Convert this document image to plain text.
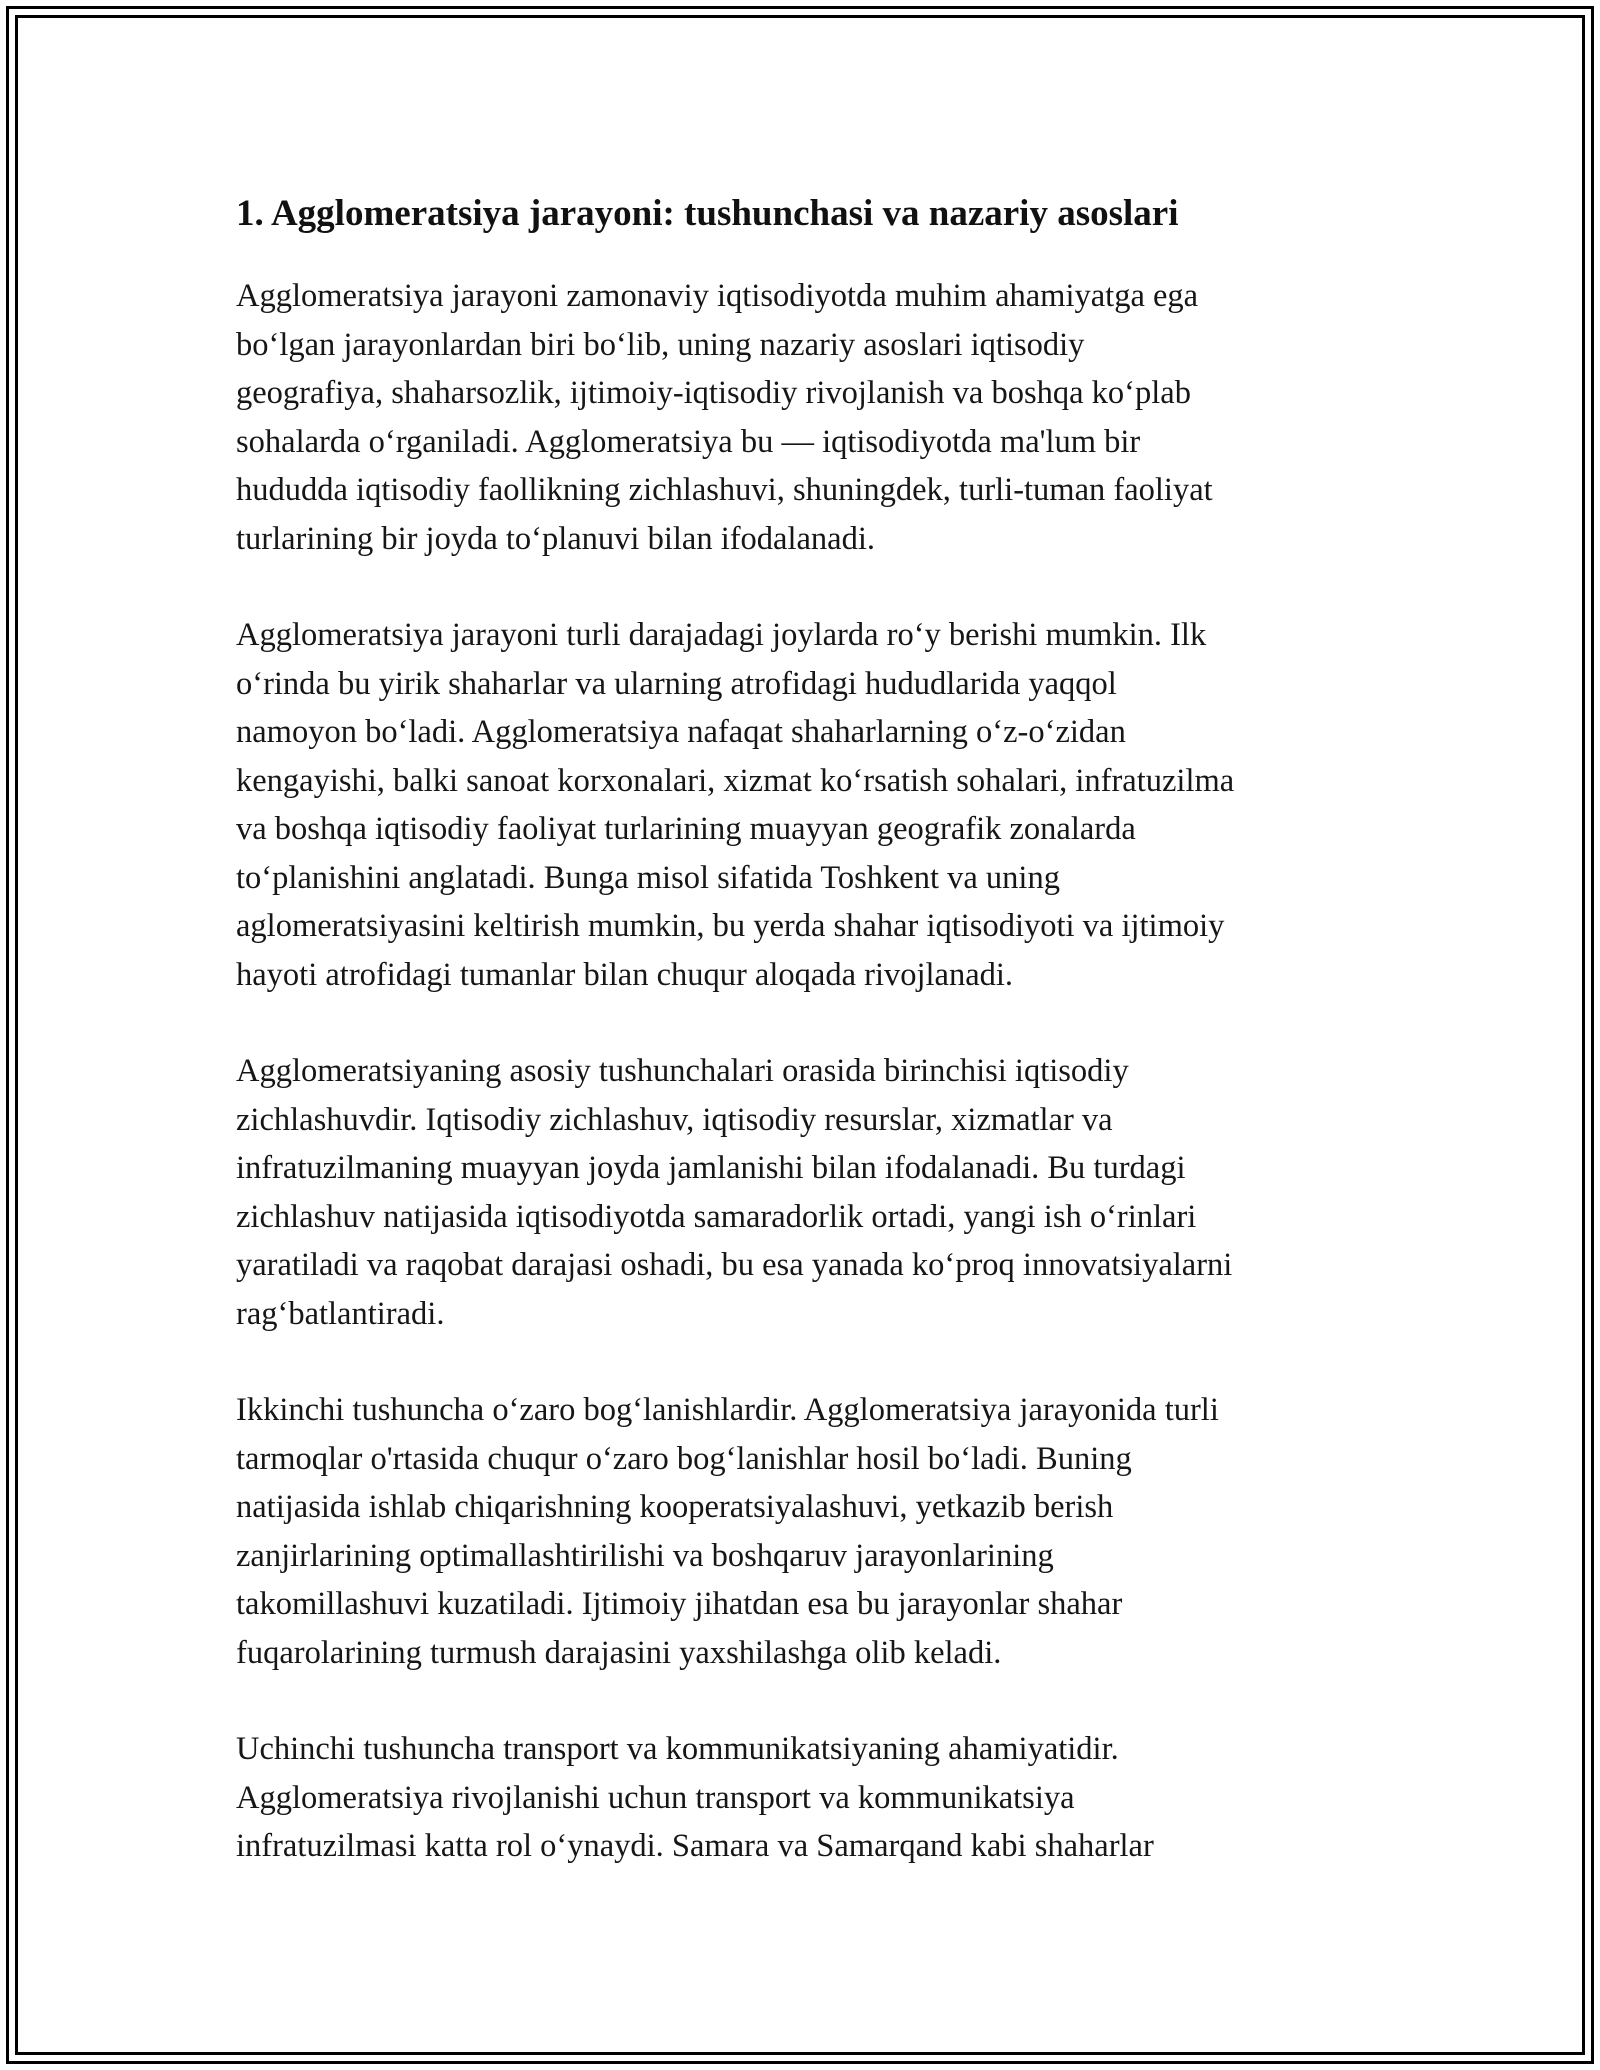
1. Agglomeratsiya jarayoni: tushunchasi va nazariy asoslari

Agglomeratsiya jarayoni zamonaviy iqtisodiyotda muhim ahamiyatga ega
bo‘lgan jarayonlardan biri bo‘lib, uning nazariy asoslari iqtisodiy
geografiya, shaharsozlik, ijtimoiy-iqtisodiy rivojlanish va boshqa ko‘plab
sohalarda o‘rganiladi. Agglomeratsiya bu — iqtisodiyotda ma'lum bir
hududda iqtisodiy faollikning zichlashuvi, shuningdek, turli-tuman faoliyat
turlarining bir joyda to‘planuvi bilan ifodalanadi.

Agglomeratsiya jarayoni turli darajadagi joylarda ro‘y berishi mumkin. Ilk
o‘rinda bu yirik shaharlar va ularning atrofidagi hududlarida yaqqol
namoyon bo‘ladi. Agglomeratsiya nafaqat shaharlarning o‘z-o‘zidan
kengayishi, balki sanoat korxonalari, xizmat ko‘rsatish sohalari, infratuzilma
va boshqa iqtisodiy faoliyat turlarining muayyan geografik zonalarda
to‘planishini anglatadi. Bunga misol sifatida Toshkent va uning
aglomeratsiyasini keltirish mumkin, bu yerda shahar iqtisodiyoti va ijtimoiy
hayoti atrofidagi tumanlar bilan chuqur aloqada rivojlanadi.

Agglomeratsiyaning asosiy tushunchalari orasida birinchisi iqtisodiy
zichlashuvdir. Iqtisodiy zichlashuv, iqtisodiy resurslar, xizmatlar va
infratuzilmaning muayyan joyda jamlanishi bilan ifodalanadi. Bu turdagi
zichlashuv natijasida iqtisodiyotda samaradorlik ortadi, yangi ish o‘rinlari
yaratiladi va raqobat darajasi oshadi, bu esa yanada ko‘proq innovatsiyalarni
rag‘batlantiradi.

Ikkinchi tushuncha o‘zaro bog‘lanishlardir. Agglomeratsiya jarayonida turli
tarmoqlar o'rtasida chuqur o‘zaro bog‘lanishlar hosil bo‘ladi. Buning
natijasida ishlab chiqarishning kooperatsiyalashuvi, yetkazib berish
zanjirlarining optimallashtirilishi va boshqaruv jarayonlarining
takomillashuvi kuzatiladi. Ijtimoiy jihatdan esa bu jarayonlar shahar
fuqarolarining turmush darajasini yaxshilashga olib keladi.

Uchinchi tushuncha transport va kommunikatsiyaning ahamiyatidir.
Agglomeratsiya rivojlanishi uchun transport va kommunikatsiya
infratuzilmasi katta rol o‘ynaydi. Samara va Samarqand kabi shaharlar
